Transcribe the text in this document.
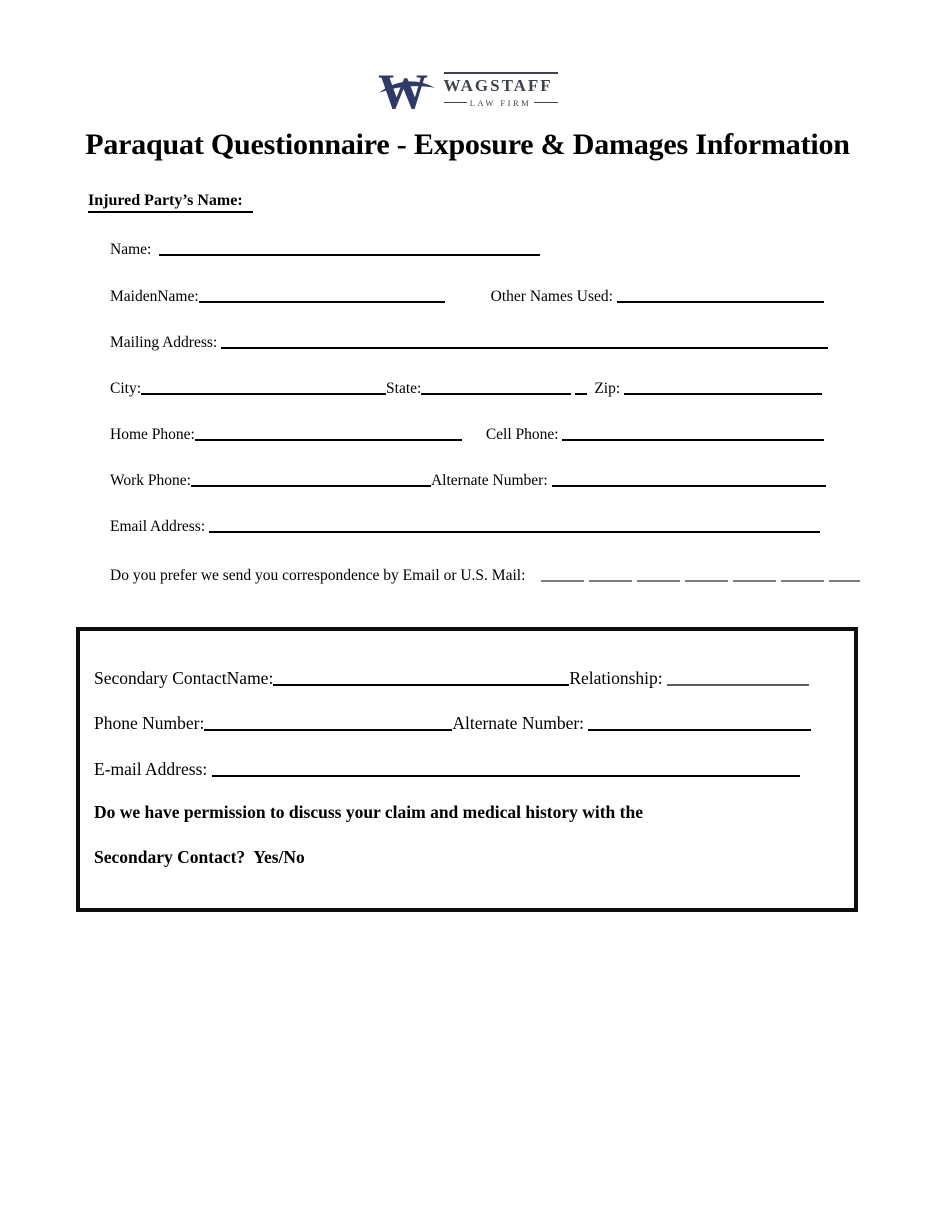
W WAGSTAFF
LAW FIRM
Paraquat Questionnaire - Exposure & Damages Information
Injured Party’s Name:
Name:
MaidenName:	Other Names Used:
Mailing Address:
City:	State:	Zip:
Home Phone:	Cell Phone:
Work Phone:	Alternate Number:
Email Address:
Do you prefer we send you correspondence by Email or U.S. Mail:
Secondary ContactName:	Relationship:
Phone Number:	Alternate Number:
E-mail Address:
Do we have permission to discuss your claim and medical history with the
Secondary Contact?  Yes/No
